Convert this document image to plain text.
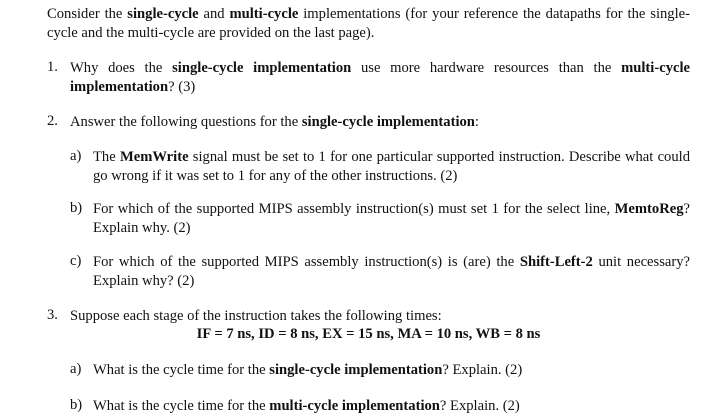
Consider the single-cycle and multi-cycle implementations (for your reference the datapaths for the single-cycle and the multi-cycle are provided on the last page).
1. Why does the single-cycle implementation use more hardware resources than the multi-cycle implementation? (3)
2. Answer the following questions for the single-cycle implementation:
a) The MemWrite signal must be set to 1 for one particular supported instruction. Describe what could go wrong if it was set to 1 for any of the other instructions. (2)
b) For which of the supported MIPS assembly instruction(s) must set 1 for the select line, MemtoReg? Explain why. (2)
c) For which of the supported MIPS assembly instruction(s) is (are) the Shift-Left-2 unit necessary? Explain why? (2)
3. Suppose each stage of the instruction takes the following times:
IF = 7 ns, ID = 8 ns, EX = 15 ns, MA = 10 ns, WB = 8 ns
a) What is the cycle time for the single-cycle implementation? Explain. (2)
b) What is the cycle time for the multi-cycle implementation? Explain. (2)
